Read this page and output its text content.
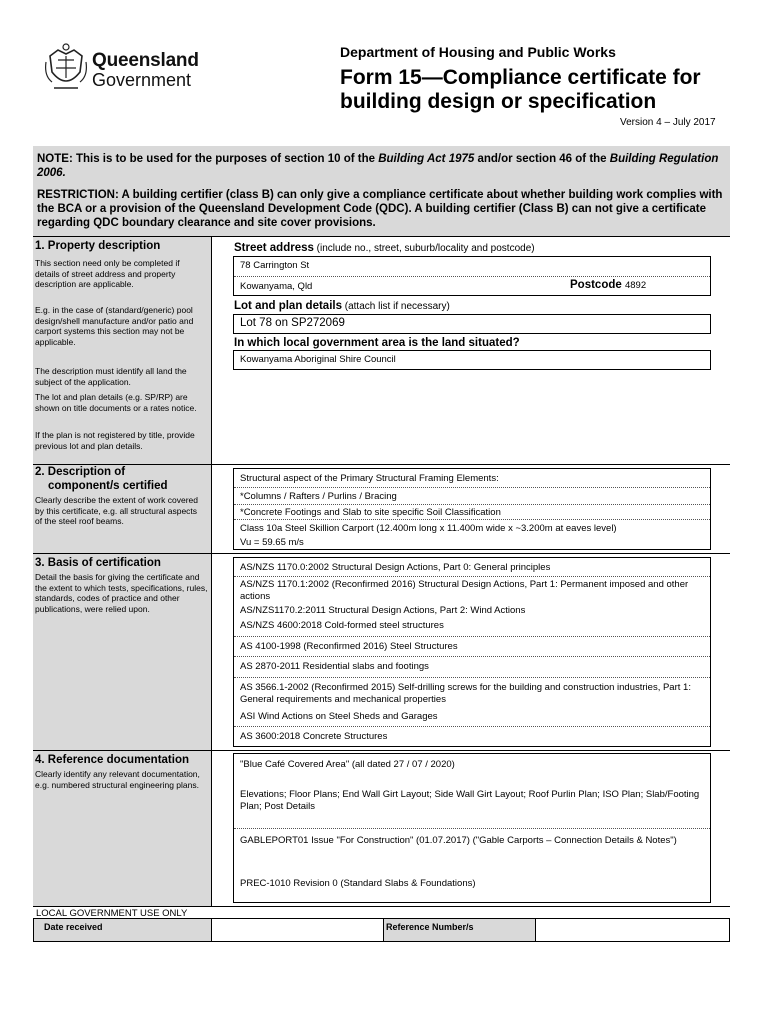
Queensland
Government
Department of Housing and Public Works
Form 15—Compliance certificate for building design or specification
Version 4 – July 2017
NOTE: This is to be used for the purposes of section 10 of the Building Act 1975 and/or section 46 of the Building Regulation 2006.
RESTRICTION: A building certifier (class B) can only give a compliance certificate about whether building work complies with the BCA or a provision of the Queensland Development Code (QDC). A building certifier (Class B) can not give a certificate regarding QDC boundary clearance and site cover provisions.
1. Property description
This section need only be completed if details of street address and property description are applicable.
E.g. in the case of (standard/generic) pool design/shell manufacture and/or patio and carport systems this section may not be applicable.
The description must identify all land the subject of the application.
The lot and plan details (e.g. SP/RP) are shown on title documents or a rates notice.
If the plan is not registered by title, provide previous lot and plan details.
Street address (include no., street, suburb/locality and postcode)
78 Carrington St
Kowanyama, Qld	Postcode 4892
Lot and plan details (attach list if necessary)
Lot 78 on SP272069
In which local government area is the land situated?
Kowanyama Aboriginal Shire Council
2. Description of
component/s certified
Clearly describe the extent of work covered by this certificate, e.g. all structural aspects of the steel roof beams.
Structural aspect of the Primary Structural Framing Elements:
*Columns / Rafters / Purlins / Bracing
*Concrete Footings and Slab to site specific Soil Classification
Class 10a Steel Skillion Carport (12.400m long x 11.400m wide x ~3.200m at eaves level)
Vu = 59.65 m/s
3. Basis of certification
Detail the basis for giving the certificate and the extent to which tests, specifications, rules, standards, codes of practice and other publications, were relied upon.
AS/NZS 1170.0:2002 Structural Design Actions, Part 0: General principles
AS/NZS 1170.1:2002 (Reconfirmed 2016) Structural Design Actions, Part 1: Permanent imposed and other actions
AS/NZS1170.2:2011 Structural Design Actions, Part 2: Wind Actions
AS/NZS 4600:2018 Cold-formed steel structures
AS 4100-1998 (Reconfirmed 2016) Steel Structures
AS 2870-2011 Residential slabs and footings
AS 3566.1-2002 (Reconfirmed 2015) Self-drilling screws for the building and construction industries, Part 1: General requirements and mechanical properties
ASI Wind Actions on Steel Sheds and Garages
AS 3600:2018 Concrete Structures
4. Reference documentation
Clearly identify any relevant documentation, e.g. numbered structural engineering plans.
"Blue Café Covered Area" (all dated 27 / 07 / 2020)
Elevations; Floor Plans; End Wall Girt Layout; Side Wall Girt Layout; Roof Purlin Plan; ISO Plan; Slab/Footing Plan; Post Details
GABLEPORT01 Issue "For Construction" (01.07.2017) ("Gable Carports – Connection Details & Notes")
PREC-1010 Revision 0 (Standard Slabs & Foundations)
LOCAL GOVERNMENT USE ONLY
Date received	Reference Number/s
